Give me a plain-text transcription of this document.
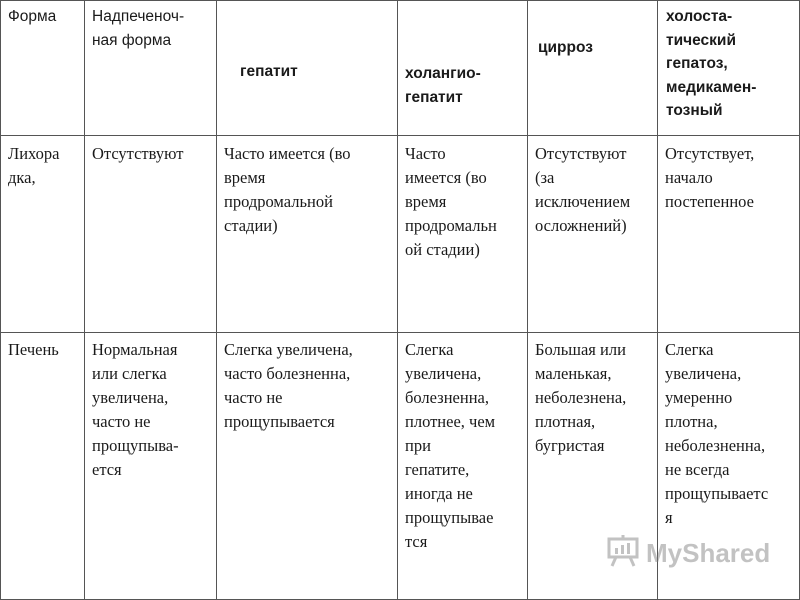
Форма Надпеченоч-
ная форма
гепатит	холангио-
гепатит
цирроз
холоста-
тический
гепатоз,
медикамен-
тозный
Лихора
дка,
Отсутствуют Часто имеется (во
время
продромальной
стадии)
Часто
имеется (во
время
продромальн
ой стадии)
Отсутствуют
(за
исключением
осложнений)
Отсутствует,
начало
постепенное
Печень Нормальная
или слегка
увеличена,
часто не
прощупыва-
ется
Слегка увеличена,
часто болезненна,
часто не
прощупывается
Слегка
увеличена,
болезненна,
плотнее, чем
при
гепатите,
иногда не
прощупывае
тся
Большая или
маленькая,
неболезнена,
плотная,
бугристая
Слегка
увеличена,
умеренно
плотна,
неболезненна,
не всегда
прощупываетс
я
MyShared
